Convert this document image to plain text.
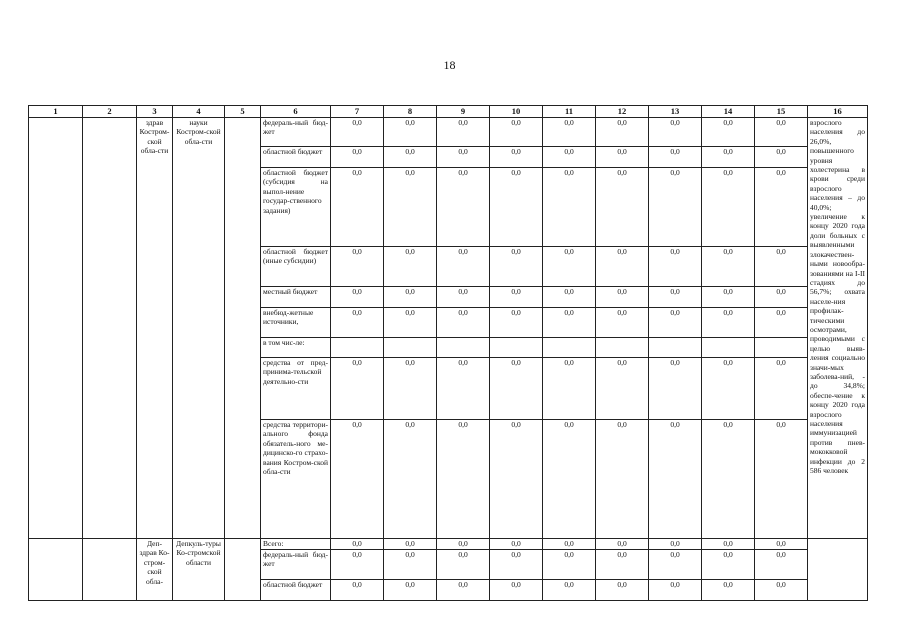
18
1	2	3	4	5	6	7	8	9	10	11	12	13	14	15	16
		здрав Костром-ской обла-сти	науки Костром-ской обла-сти		федераль-ный бюд-жет	0,0	0,0	0,0	0,0	0,0	0,0	0,0	0,0	0,0	взрослого населения до 26,0%, повышенного уровня холестерина в крови среди взрослого населения – до 40,0%; увеличение к концу 2020 года доли больных с выявленными злокачествен-ными новообра-зованиями на I-II стадиях до 56,7%; охвата населе-ния профилак-тическими осмотрами, проводимыми с целью выяв-ления социально значи-мых заболева-ний, - до 34,8%; обеспе-чение к концу 2020 года взрослого населения иммунизацией против пнев-мококковой инфекции до 2 586 человек
					областной бюджет	0,0	0,0	0,0	0,0	0,0	0,0	0,0	0,0	0,0	
					областной бюджет (субсидия на выпол-нение государ-ственного задания)	0,0	0,0	0,0	0,0	0,0	0,0	0,0	0,0	0,0	
					областной бюджет (иные субсидии)	0,0	0,0	0,0	0,0	0,0	0,0	0,0	0,0	0,0	
					местный бюджет	0,0	0,0	0,0	0,0	0,0	0,0	0,0	0,0	0,0	
					внебюд-жетные источники,	0,0	0,0	0,0	0,0	0,0	0,0	0,0	0,0	0,0	
					в том чис-ле:										
					средства от пред-принима-тельской деятельно-сти	0,0	0,0	0,0	0,0	0,0	0,0	0,0	0,0	0,0	
					средства территори-ального фонда обязатель-ного ме-дицинско-го страхо-вания Костром-ской обла-сти	0,0	0,0	0,0	0,0	0,0	0,0	0,0	0,0	0,0	
		Деп-здрав Ко-стром-ской обла-	Депкуль-туры Ко-стромской области		Всего:	0,0	0,0	0,0	0,0	0,0	0,0	0,0	0,0	0,0	
					федераль-ный бюд-жет	0,0	0,0	0,0	0,0	0,0	0,0	0,0	0,0	0,0	
					областной бюджет	0,0	0,0	0,0	0,0	0,0	0,0	0,0	0,0	0,0	
